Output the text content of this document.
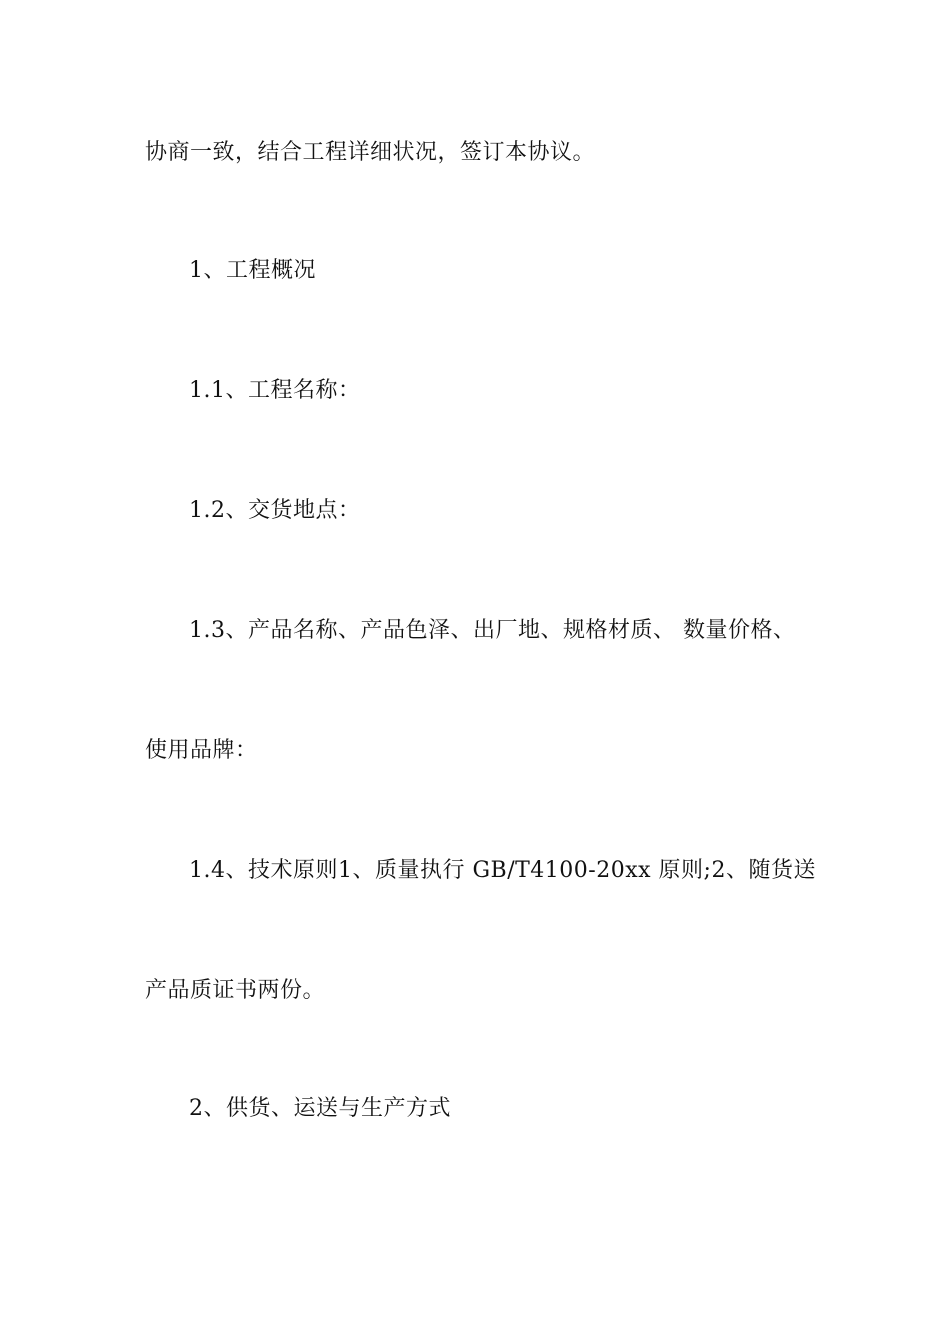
协商一致，结合工程详细状况，签订本协议。
1、工程概况
1.1、工程名称：
1.2、交货地点：
1.3、产品名称、产品色泽、出厂地、规格材质、 数量价格、
使用品牌：
1.4、技术原则1、质量执行 GB/T4100-20xx 原则;2、随货送
产品质证书两份。
2、供货、运送与生产方式
